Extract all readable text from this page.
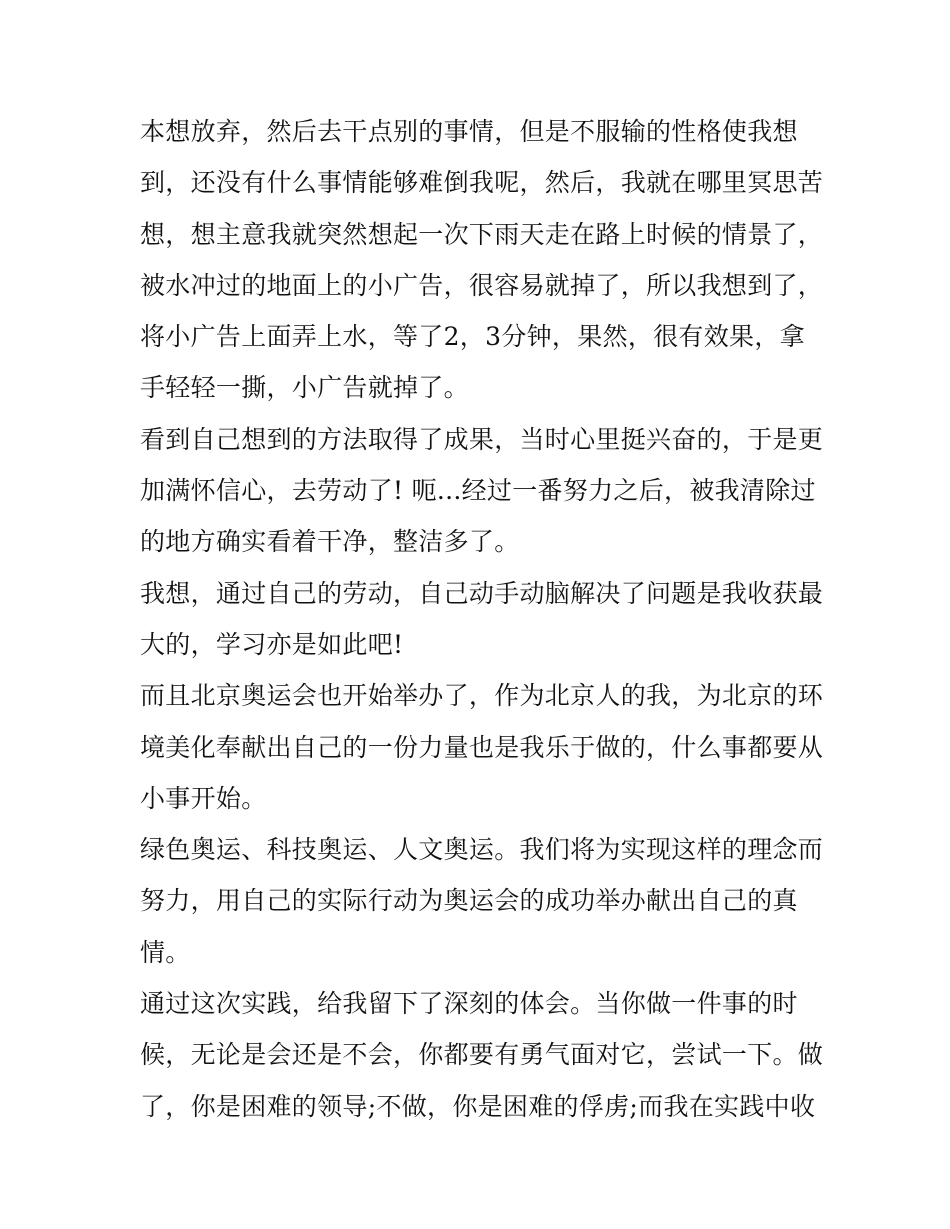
本想放弃，然后去干点别的事情，但是不服输的性格使我想
到，还没有什么事情能够难倒我呢，然后，我就在哪里冥思苦
想，想主意我就突然想起一次下雨天走在路上时候的情景了，
被水冲过的地面上的小广告，很容易就掉了，所以我想到了，
将小广告上面弄上水，等了2，3分钟，果然，很有效果，拿
手轻轻一撕，小广告就掉了。
看到自己想到的方法取得了成果，当时心里挺兴奋的，于是更
加满怀信心，去劳动了! 呃...经过一番努力之后，被我清除过
的地方确实看着干净，整洁多了。
我想，通过自己的劳动，自己动手动脑解决了问题是我收获最
大的，学习亦是如此吧!
而且北京奥运会也开始举办了，作为北京人的我，为北京的环
境美化奉献出自己的一份力量也是我乐于做的，什么事都要从
小事开始。
绿色奥运、科技奥运、人文奥运。我们将为实现这样的理念而
努力，用自己的实际行动为奥运会的成功举办献出自己的真
情。
通过这次实践，给我留下了深刻的体会。当你做一件事的时
候，无论是会还是不会，你都要有勇气面对它，尝试一下。做
了，你是困难的领导;不做，你是困难的俘虏;而我在实践中收
